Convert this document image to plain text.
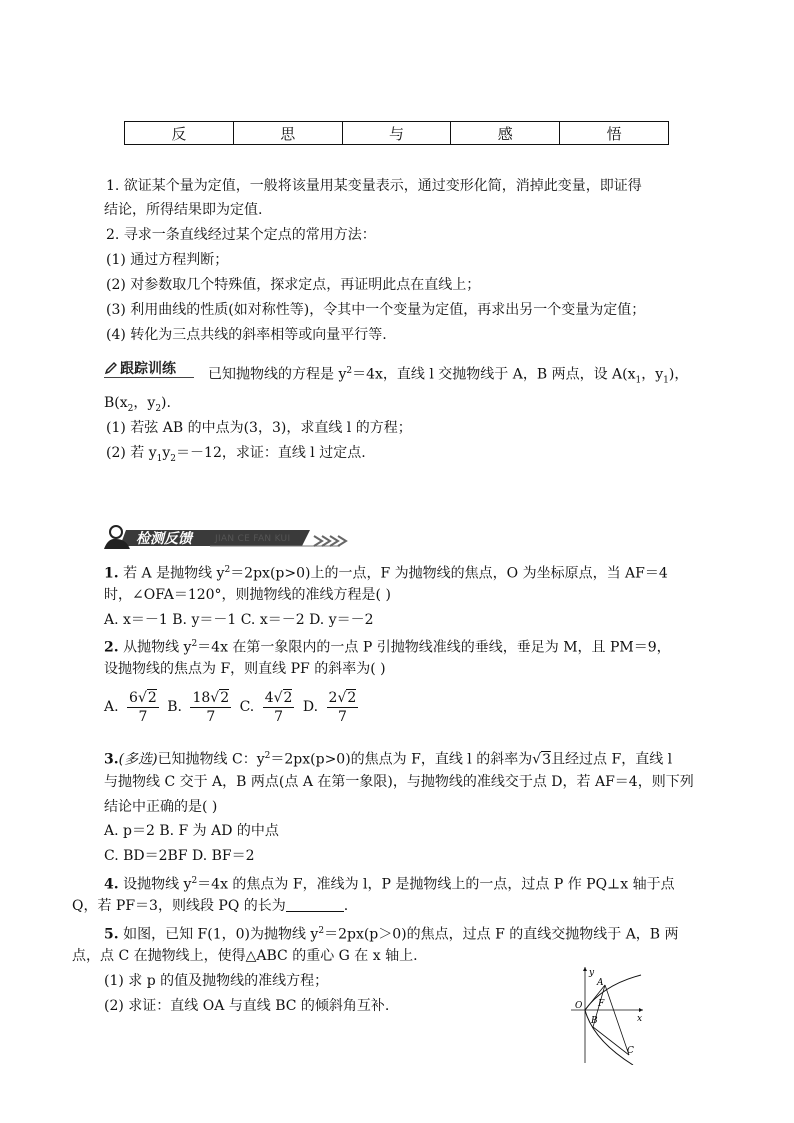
反	思	与	感	悟
1. 欲证某个量为定值，一般将该量用某变量表示，通过变形化简，消掉此变量，即证得
结论，所得结果即为定值.
2. 寻求一条直线经过某个定点的常用方法：
(1) 通过方程判断；
(2) 对参数取几个特殊值，探求定点，再证明此点在直线上；
(3) 利用曲线的性质(如对称性等)，令其中一个变量为定值，再求出另一个变量为定值；
(4) 转化为三点共线的斜率相等或向量平行等.
跟踪训练 已知抛物线的方程是 $y^2=4x$，直线 l 交抛物线于 A，B 两点，设 $A(x_1$，$y_1$)，
$B(x_2$，$y_2$).
(1) 若弦 AB 的中点为(3，3)，求直线 l 的方程；
(2) 若 $y_1y_2=-12$，求证：直线 l 过定点.
检测反馈	JIAN CE FAN KUI
1. 若 A 是抛物线 $y^2=2px(p>0)$上的一点，F 为抛物线的焦点，O 为坐标原点，当 AF＝4
时，∠OFA＝120°，则抛物线的准线方程是( )
A. x＝－1 B. y＝－1 C. x＝－2 D. y＝－2
2. 从抛物线 $y^2=4x$ 在第一象限内的一点 P 引抛物线准线的垂线，垂足为 M，且 PM＝9，
设抛物线的焦点为 F，则直线 PF 的斜率为( )
A. $\frac{6√2}{7} B$. $\frac{18√2}{7} C$. $\frac{4√2}{7} D$. $\frac{2√2}{7}$
3.(多选)已知抛物线 C：$y^2=2px(p>0)$的焦点为 F，直线 l 的斜率为√3且经过点 F，直线 l
与抛物线 C 交于 A，B 两点(点 A 在第一象限)，与抛物线的准线交于点 D，若 AF＝4，则下列
结论中正确的是( )
A. p＝2 B. F 为 AD 的中点
C. BD＝2BF D. BF＝2
4. 设抛物线 $y^2=4x$ 的焦点为 F，准线为 l，P 是抛物线上的一点，过点 P 作 PQ⊥x 轴于点
Q，若 PF＝3，则线段 PQ 的长为	.
5. 如图，已知 F(1，0)为抛物线 $y^2=2px(p>0)$的焦点，过点 F 的直线交抛物线于 A，B 两
点，点 C 在抛物线上，使得△ABC 的重心 G 在 x 轴上.
(1) 求 p 的值及抛物线的准线方程；
(2) 求证：直线 OA 与直线 BC 的倾斜角互补.
y
x
O
A
F
B
C
